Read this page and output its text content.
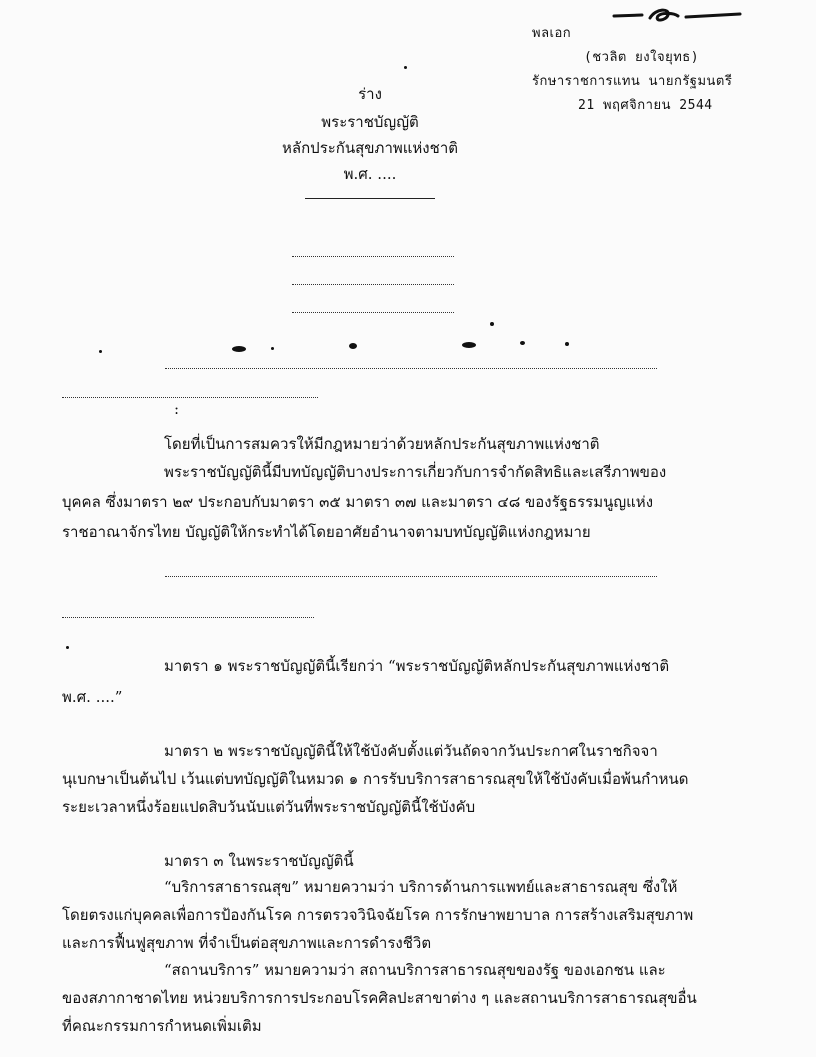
พลเอก
(ชวลิต ยงใจยุทธ)
รักษาราชการแทน นายกรัฐมนตรี
21 พฤศจิกายน 2544
ร่าง
พระราชบัญญัติ
หลักประกันสุขภาพแห่งชาติ
พ.ศ. ....
:
โดยที่เป็นการสมควรให้มีกฎหมายว่าด้วยหลักประกันสุขภาพแห่งชาติ
พระราชบัญญัตินี้มีบทบัญญัติบางประการเกี่ยวกับการจำกัดสิทธิและเสรีภาพของ
บุคคล ซึ่งมาตรา ๒๙ ประกอบกับมาตรา ๓๕ มาตรา ๓๗ และมาตรา ๔๘ ของรัฐธรรมนูญแห่ง
ราชอาณาจักรไทย บัญญัติให้กระทำได้โดยอาศัยอำนาจตามบทบัญญัติแห่งกฎหมาย
มาตรา ๑ พระราชบัญญัตินี้เรียกว่า “พระราชบัญญัติหลักประกันสุขภาพแห่งชาติ
พ.ศ. ....”
มาตรา ๒ พระราชบัญญัตินี้ให้ใช้บังคับตั้งแต่วันถัดจากวันประกาศในราชกิจจา
นุเบกษาเป็นต้นไป เว้นแต่บทบัญญัติในหมวด ๑ การรับบริการสาธารณสุขให้ใช้บังคับเมื่อพ้นกำหนด
ระยะเวลาหนึ่งร้อยแปดสิบวันนับแต่วันที่พระราชบัญญัตินี้ใช้บังคับ
มาตรา ๓ ในพระราชบัญญัตินี้
“บริการสาธารณสุข” หมายความว่า บริการด้านการแพทย์และสาธารณสุข ซึ่งให้
โดยตรงแก่บุคคลเพื่อการป้องกันโรค การตรวจวินิจฉัยโรค การรักษาพยาบาล การสร้างเสริมสุขภาพ
และการฟื้นฟูสุขภาพ ที่จำเป็นต่อสุขภาพและการดำรงชีวิต
“สถานบริการ” หมายความว่า สถานบริการสาธารณสุขของรัฐ ของเอกชน และ
ของสภากาชาดไทย หน่วยบริการการประกอบโรคศิลปะสาขาต่าง ๆ และสถานบริการสาธารณสุขอื่น
ที่คณะกรรมการกำหนดเพิ่มเติม
